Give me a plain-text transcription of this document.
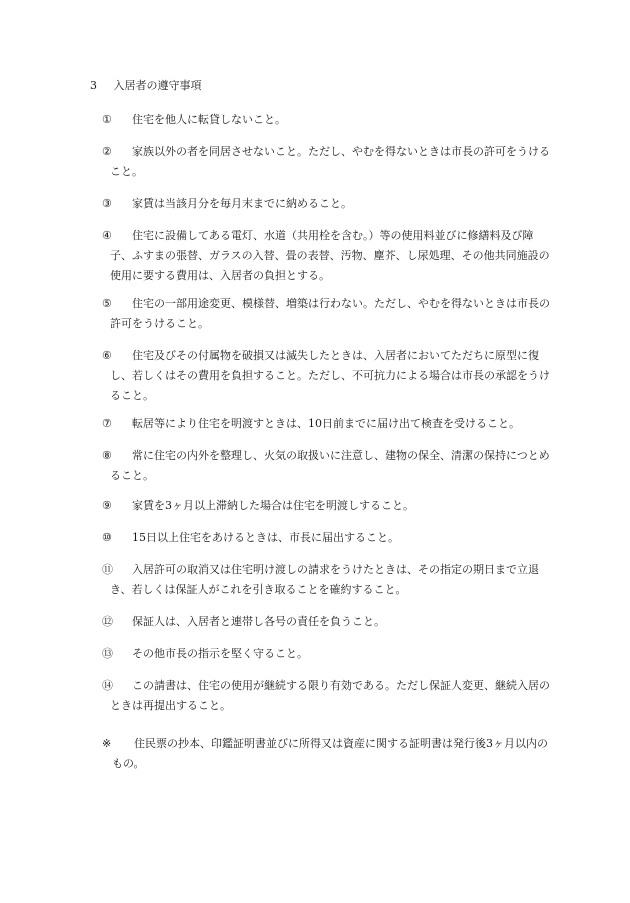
3 入居者の遵守事項
①	住宅を他人に転貸しないこと。
②	家族以外の者を同居させないこと。ただし、やむを得ないときは市長の許可をうけること。
③	家賃は当該月分を毎月末までに納めること。
④	住宅に設備してある電灯、水道（共用栓を含む。）等の使用料並びに修繕料及び障子、ふすまの張替、ガラスの入替、畳の表替、汚物、塵芥、し尿処理、その他共同施設の使用に要する費用は、入居者の負担とする。
⑤	住宅の一部用途変更、模様替、増築は行わない。ただし、やむを得ないときは市長の許可をうけること。
⑥	住宅及びその付属物を破損又は滅失したときは、入居者においてただちに原型に復し、若しくはその費用を負担すること。ただし、不可抗力による場合は市長の承認をうけること。
⑦	転居等により住宅を明渡すときは、10日前までに届け出て検査を受けること。
⑧	常に住宅の内外を整理し、火気の取扱いに注意し、建物の保全、清潔の保持につとめること。
⑨	家賃を3ヶ月以上滞納した場合は住宅を明渡しすること。
⑩	15日以上住宅をあけるときは、市長に届出すること。
⑪	入居許可の取消又は住宅明け渡しの請求をうけたときは、その指定の期日まで立退き、若しくは保証人がこれを引き取ることを確約すること。
⑫	保証人は、入居者と連帯し各号の責任を負うこと。
⑬	その他市長の指示を堅く守ること。
⑭	この請書は、住宅の使用が継続する限り有効である。ただし保証人変更、継続入居のときは再提出すること。
※	住民票の抄本、印鑑証明書並びに所得又は資産に関する証明書は発行後3ヶ月以内のもの。
